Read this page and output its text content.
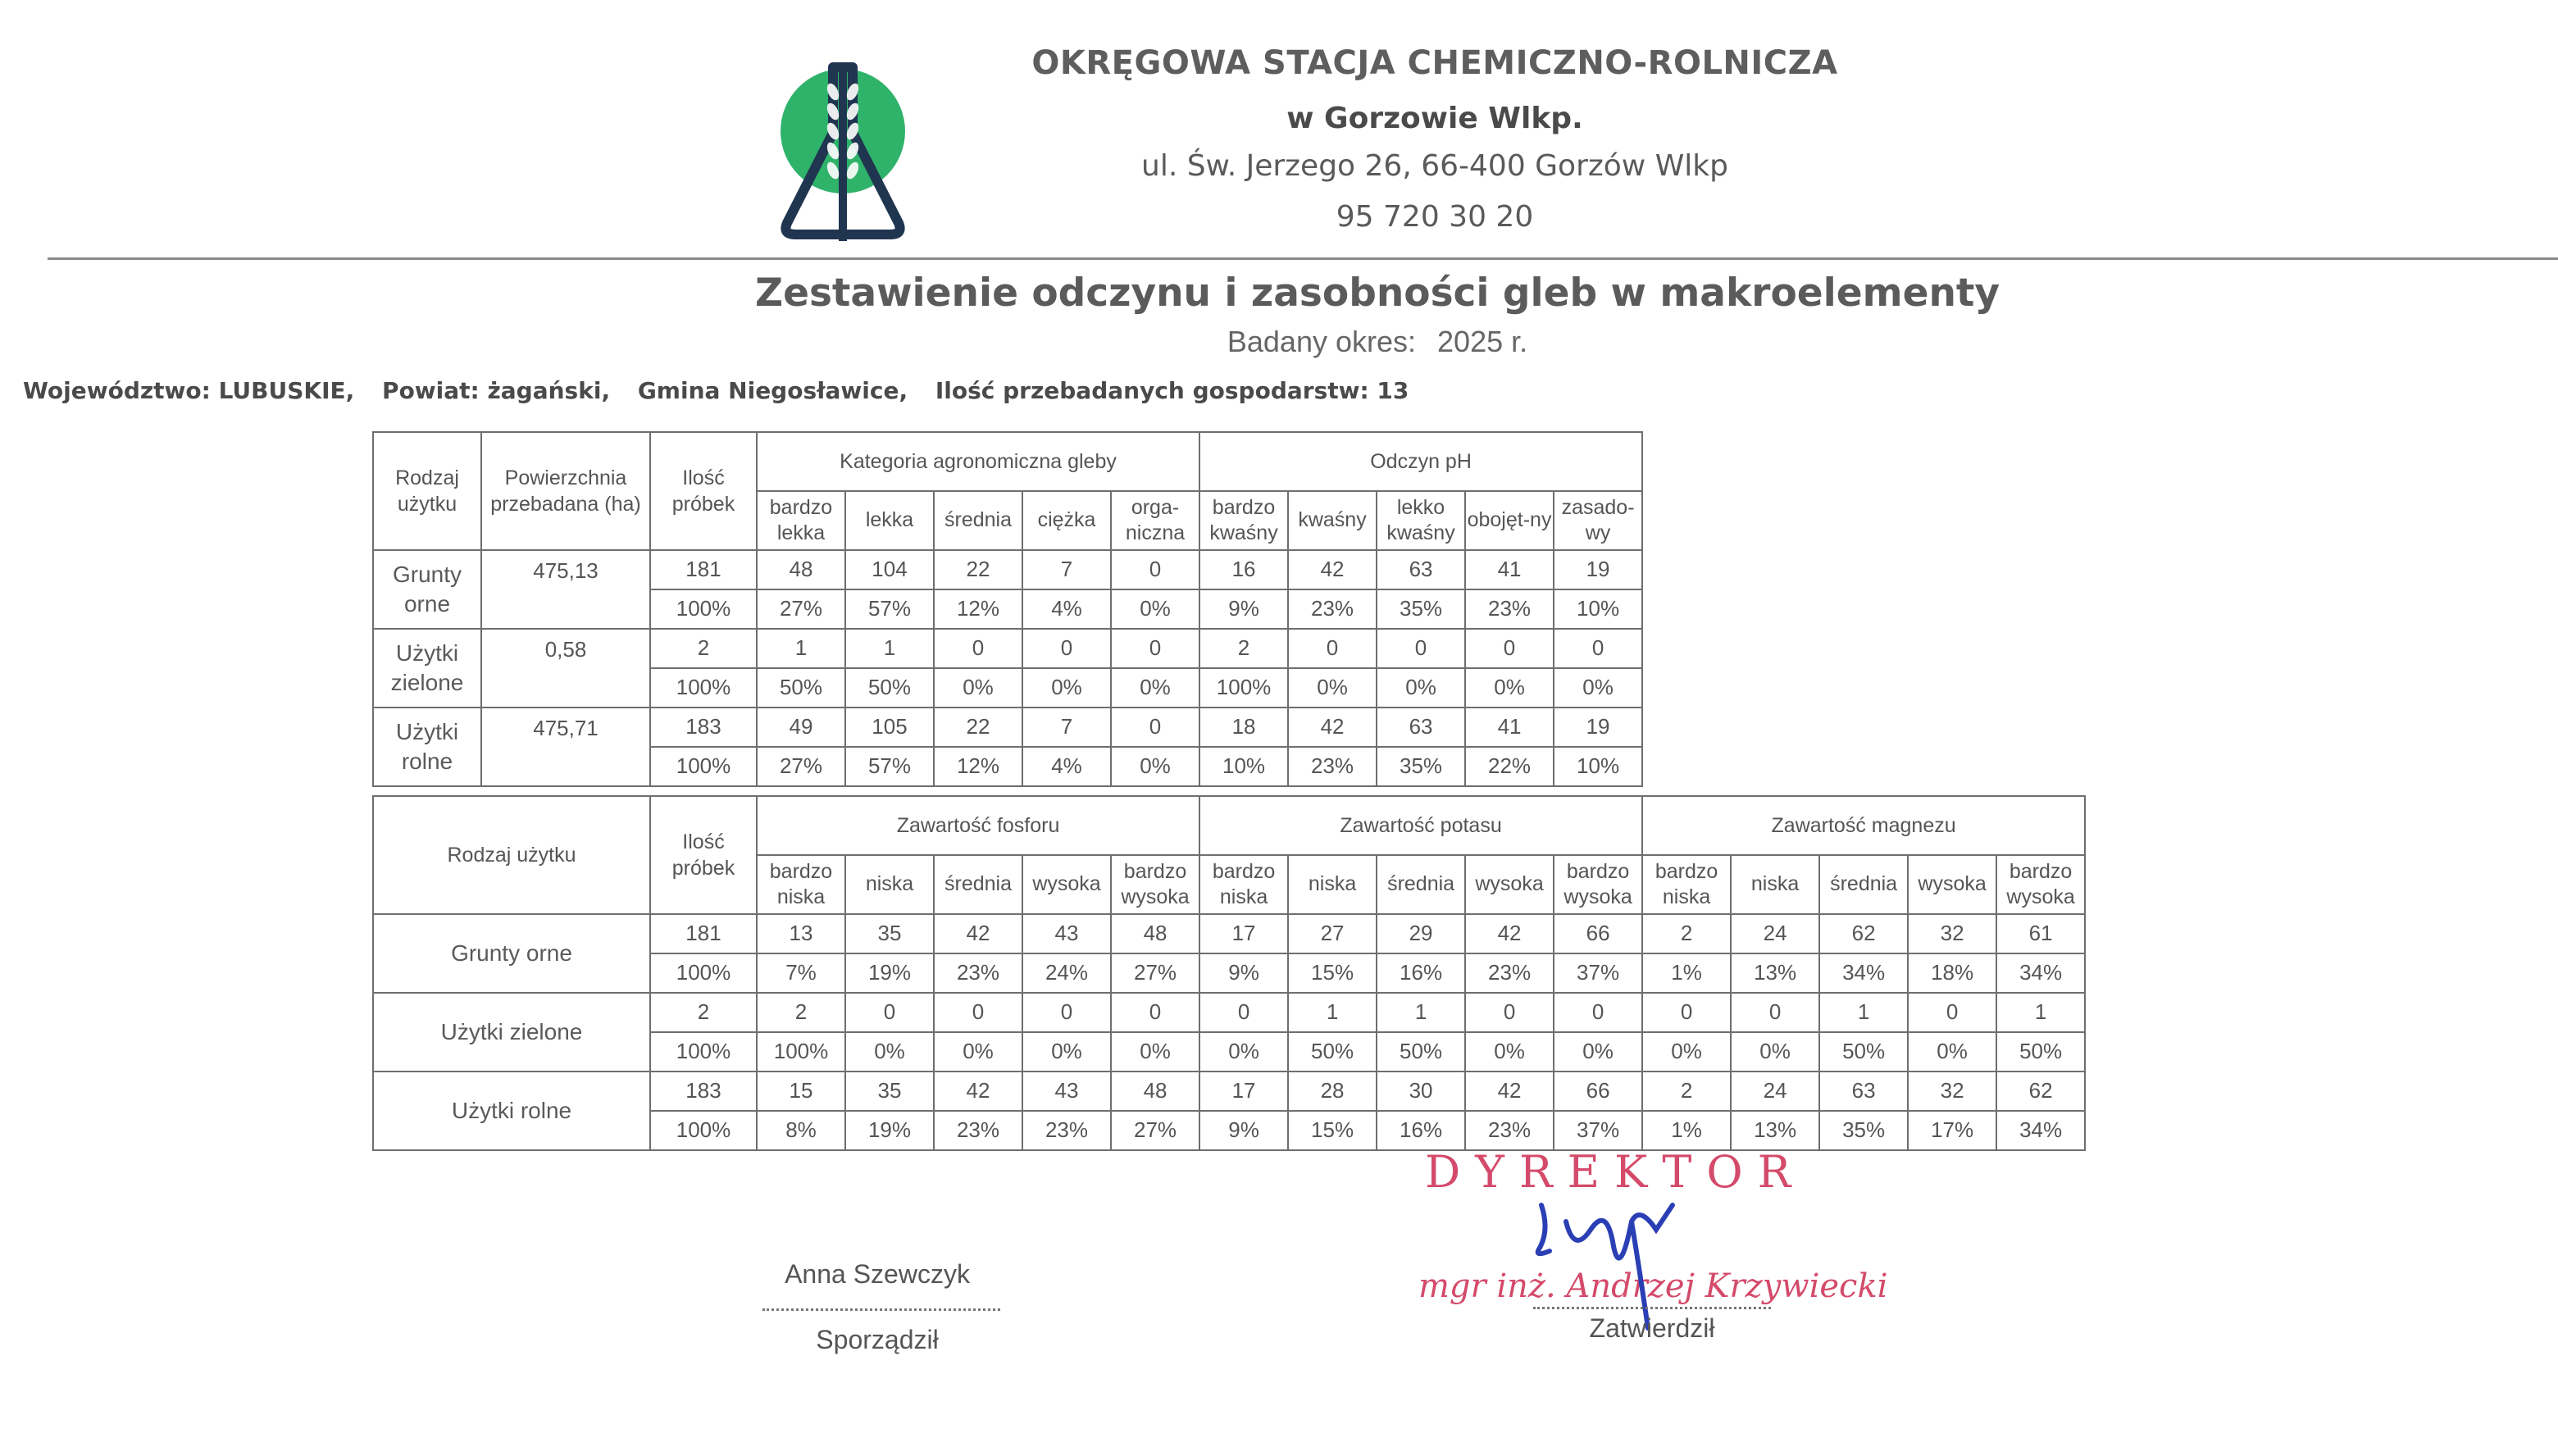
OKRĘGOWA STACJA CHEMICZNO-ROLNICZA
w Gorzowie Wlkp.
ul. Św. Jerzego 26, 66-400 Gorzów Wlkp
95 720 30 20
Zestawienie odczynu i zasobności gleb w makroelementy
Badany okres: 2025 r.
Województwo: LUBUSKIE, Powiat: żagański, Gmina Niegosławice, Ilość przebadanych gospodarstw: 13
Rodzaj użytku	Powierzchnia przebadana (ha)	Ilość próbek	Kategoria agronomiczna gleby					Odczyn pH				
			bardzo lekka	lekka	średnia	ciężka	orga-niczna	bardzo kwaśny	kwaśny	lekko kwaśny	obojęt-ny	zasado-wy
Grunty orne	475,13	181	48	104	22	7	0	16	42	63	41	19
		100%	27%	57%	12%	4%	0%	9%	23%	35%	23%	10%
Użytki zielone	0,58	2	1	1	0	0	0	2	0	0	0	0
		100%	50%	50%	0%	0%	0%	100%	0%	0%	0%	0%
Użytki rolne	475,71	183	49	105	22	7	0	18	42	63	41	19
		100%	27%	57%	12%	4%	0%	10%	23%	35%	22%	10%
Rodzaj użytku	Ilość próbek	Zawartość fosforu					Zawartość potasu					Zawartość magnezu				
		bardzo niska	niska	średnia	wysoka	bardzo wysoka	bardzo niska	niska	średnia	wysoka	bardzo wysoka	bardzo niska	niska	średnia	wysoka	bardzo wysoka
Grunty orne	181	13	35	42	43	48	17	27	29	42	66	2	24	62	32	61
	100%	7%	19%	23%	24%	27%	9%	15%	16%	23%	37%	1%	13%	34%	18%	34%
Użytki zielone	2	2	0	0	0	0	0	1	1	0	0	0	0	1	0	1
	100%	100%	0%	0%	0%	0%	0%	50%	50%	0%	0%	0%	0%	50%	0%	50%
Użytki rolne	183	15	35	42	43	48	17	28	30	42	66	2	24	63	32	62
	100%	8%	19%	23%	23%	27%	9%	15%	16%	23%	37%	1%	13%	35%	17%	34%
Anna Szewczyk
Sporządził
DYREKTOR
mgr inż. Andrzej Krzywiecki
Zatwierdził
